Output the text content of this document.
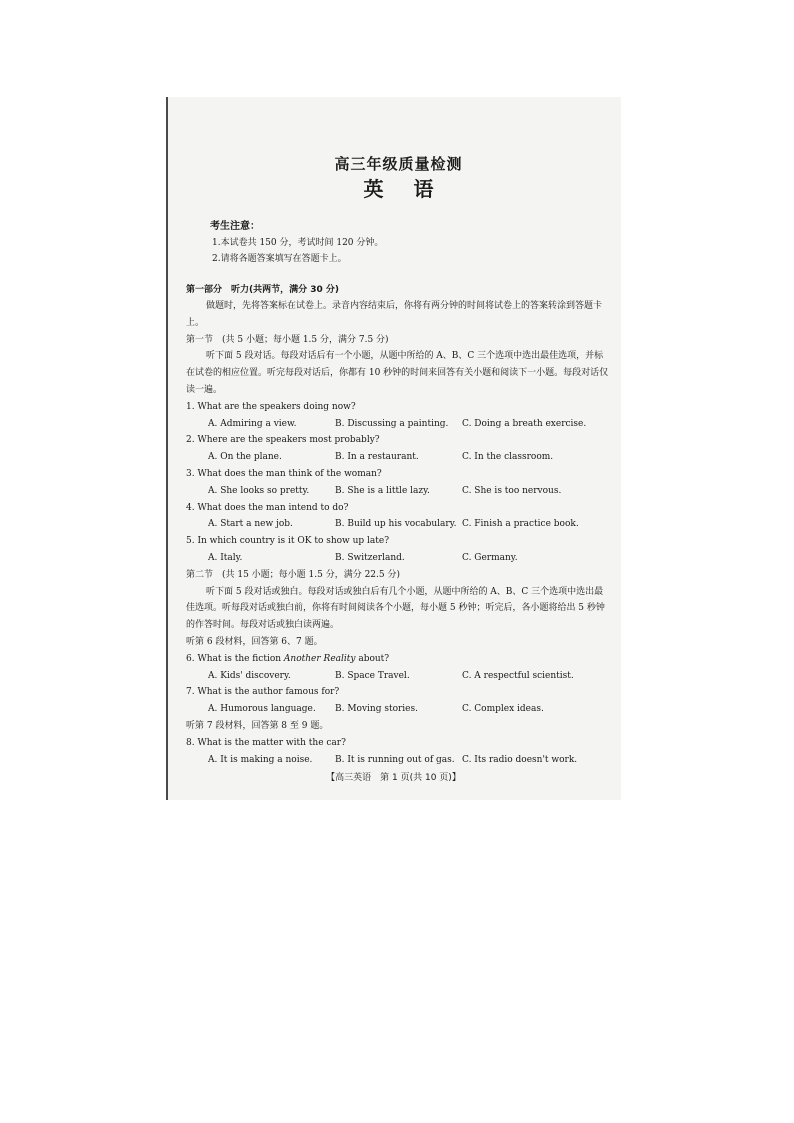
高三年级质量检测
英语
考生注意：
1.本试卷共 150 分，考试时间 120 分钟。
2.请将各题答案填写在答题卡上。
第一部分　听力(共两节，满分 30 分)
做题时，先将答案标在试卷上。录音内容结束后，你将有两分钟的时间将试卷上的答案转涂到答题卡上。
第一节　(共 5 小题；每小题 1.5 分，满分 7.5 分)
听下面 5 段对话。每段对话后有一个小题，从题中所给的 A、B、C 三个选项中选出最佳选项，并标在试卷的相应位置。听完每段对话后，你都有 10 秒钟的时间来回答有关小题和阅读下一小题。每段对话仅读一遍。
1. What are the speakers doing now?
A. Admiring a view.	B. Discussing a painting.	C. Doing a breath exercise.
2. Where are the speakers most probably?
A. On the plane.	B. In a restaurant.	C. In the classroom.
3. What does the man think of the woman?
A. She looks so pretty.	B. She is a little lazy.	C. She is too nervous.
4. What does the man intend to do?
A. Start a new job.	B. Build up his vocabulary. C. Finish a practice book.
5. In which country is it OK to show up late?
A. Italy.	B. Switzerland.	C. Germany.
第二节　(共 15 小题；每小题 1.5 分，满分 22.5 分)
听下面 5 段对话或独白。每段对话或独白后有几个小题，从题中所给的 A、B、C 三个选项中选出最佳选项。听每段对话或独白前，你将有时间阅读各个小题，每小题 5 秒钟；听完后，各小题将给出 5 秒钟的作答时间。每段对话或独白读两遍。
听第 6 段材料，回答第 6、7 题。
6. What is the fiction Another Reality about?
A. Kids' discovery.	B. Space Travel.	C. A respectful scientist.
7. What is the author famous for?
A. Humorous language.	B. Moving stories.	C. Complex ideas.
听第 7 段材料，回答第 8 至 9 题。
8. What is the matter with the car?
A. It is making a noise.	B. It is running out of gas. C. Its radio doesn't work.
【高三英语　第 1 页(共 10 页)】
